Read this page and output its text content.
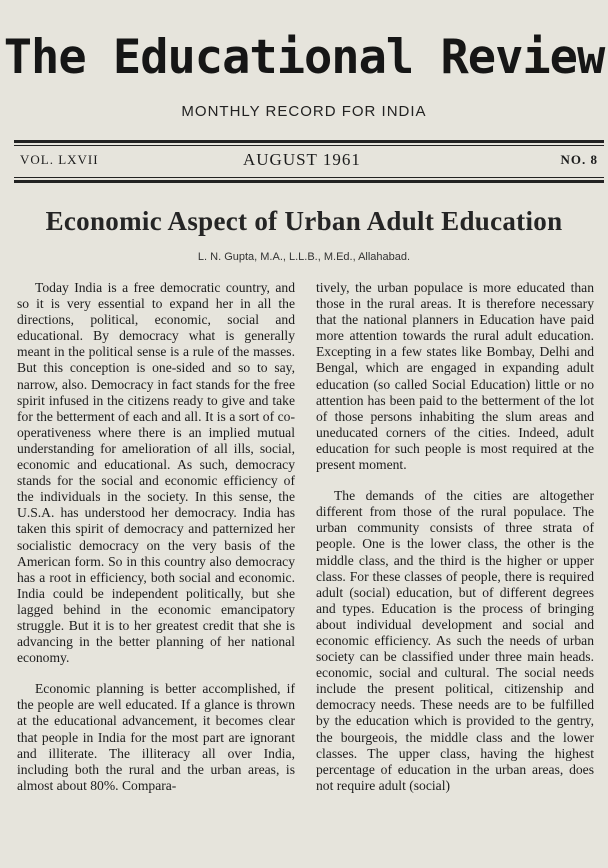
The Educational Review
MONTHLY RECORD FOR INDIA
VOL. LXVII	AUGUST 1961	NO. 8
Economic Aspect of Urban Adult Education
L. N. Gupta, M.A., L.L.B., M.Ed., Allahabad.

Today India is a free democratic country, and so it is very essential to expand her in all the directions, political, economic, social and educational. By democracy what is generally meant in the political sense is a rule of the masses. But this conception is one-sided and so to say, narrow, also. Democracy in fact stands for the free spirit infused in the citizens ready to give and take for the betterment of each and all. It is a sort of co-operativeness where there is an implied mutual understanding for amelioration of all ills, social, economic and educational. As such, democracy stands for the social and economic efficiency of the individuals in the society. In this sense, the U.S.A. has understood her democracy. India has taken this spirit of democracy and patternized her socialistic democracy on the very basis of the American form. So in this country also democracy has a root in efficiency, both social and economic. India could be independent politically, but she lagged behind in the economic emancipatory struggle. But it is to her greatest credit that she is advancing in the better planning of her national economy.

Economic planning is better accomplished, if the people are well educated. If a glance is thrown at the educational advancement, it becomes clear that people in India for the most part are ignorant and illiterate. The illiteracy all over India, including both the rural and the urban areas, is almost about 80%. Compara-

tively, the urban populace is more educated than those in the rural areas. It is therefore necessary that the national planners in Education have paid more attention towards the rural adult education. Excepting in a few states like Bombay, Delhi and Bengal, which are engaged in expanding adult education (so called Social Education) little or no attention has been paid to the betterment of the lot of those persons inhabiting the slum areas and uneducated corners of the cities. Indeed, adult education for such people is most required at the present moment.

The demands of the cities are altogether different from those of the rural populace. The urban community consists of three strata of people. One is the lower class, the other is the middle class, and the third is the higher or upper class. For these classes of people, there is required adult (social) education, but of different degrees and types. Education is the process of bringing about individual development and social and economic efficiency. As such the needs of urban society can be classified under three main heads. economic, social and cultural. The social needs include the present political, citizenship and democracy needs. These needs are to be fulfilled by the education which is provided to the gentry, the bourgeois, the middle class and the lower classes. The upper class, having the highest percentage of education in the urban areas, does not require adult (social)
